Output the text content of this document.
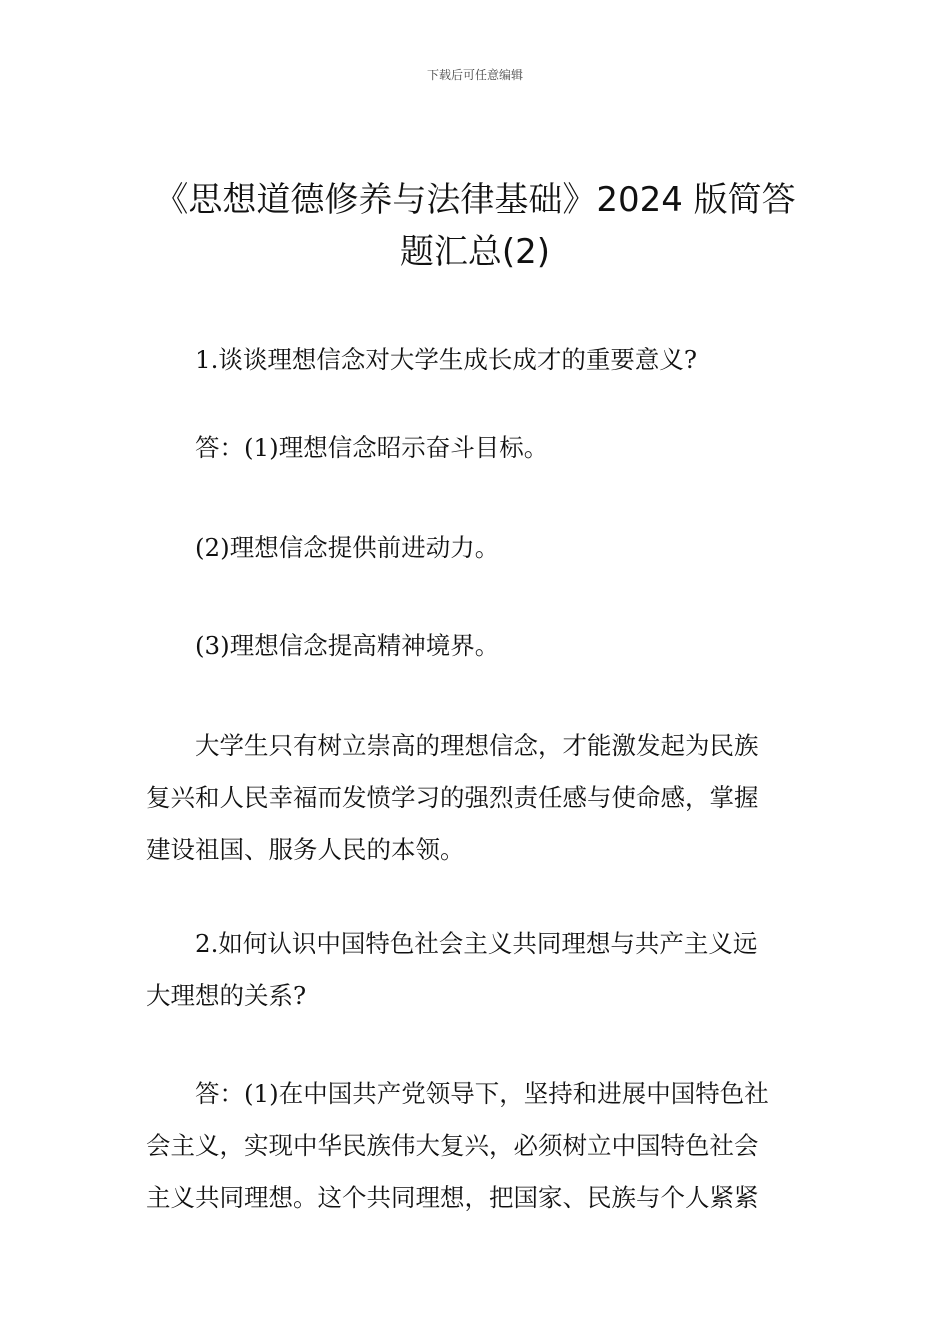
下载后可任意编辑
《思想道德修养与法律基础》2024 版简答
题汇总(2)

　　1.谈谈理想信念对大学生成长成才的重要意义?

　　答：(1)理想信念昭示奋斗目标。

　　(2)理想信念提供前进动力。

　　(3)理想信念提高精神境界。

　　大学生只有树立崇高的理想信念，才能激发起为民族
复兴和人民幸福而发愤学习的强烈责任感与使命感，掌握
建设祖国、服务人民的本领。

　　2.如何认识中国特色社会主义共同理想与共产主义远
大理想的关系?

　　答：(1)在中国共产党领导下，坚持和进展中国特色社
会主义，实现中华民族伟大复兴，必须树立中国特色社会
主义共同理想。这个共同理想，把国家、民族与个人紧紧
